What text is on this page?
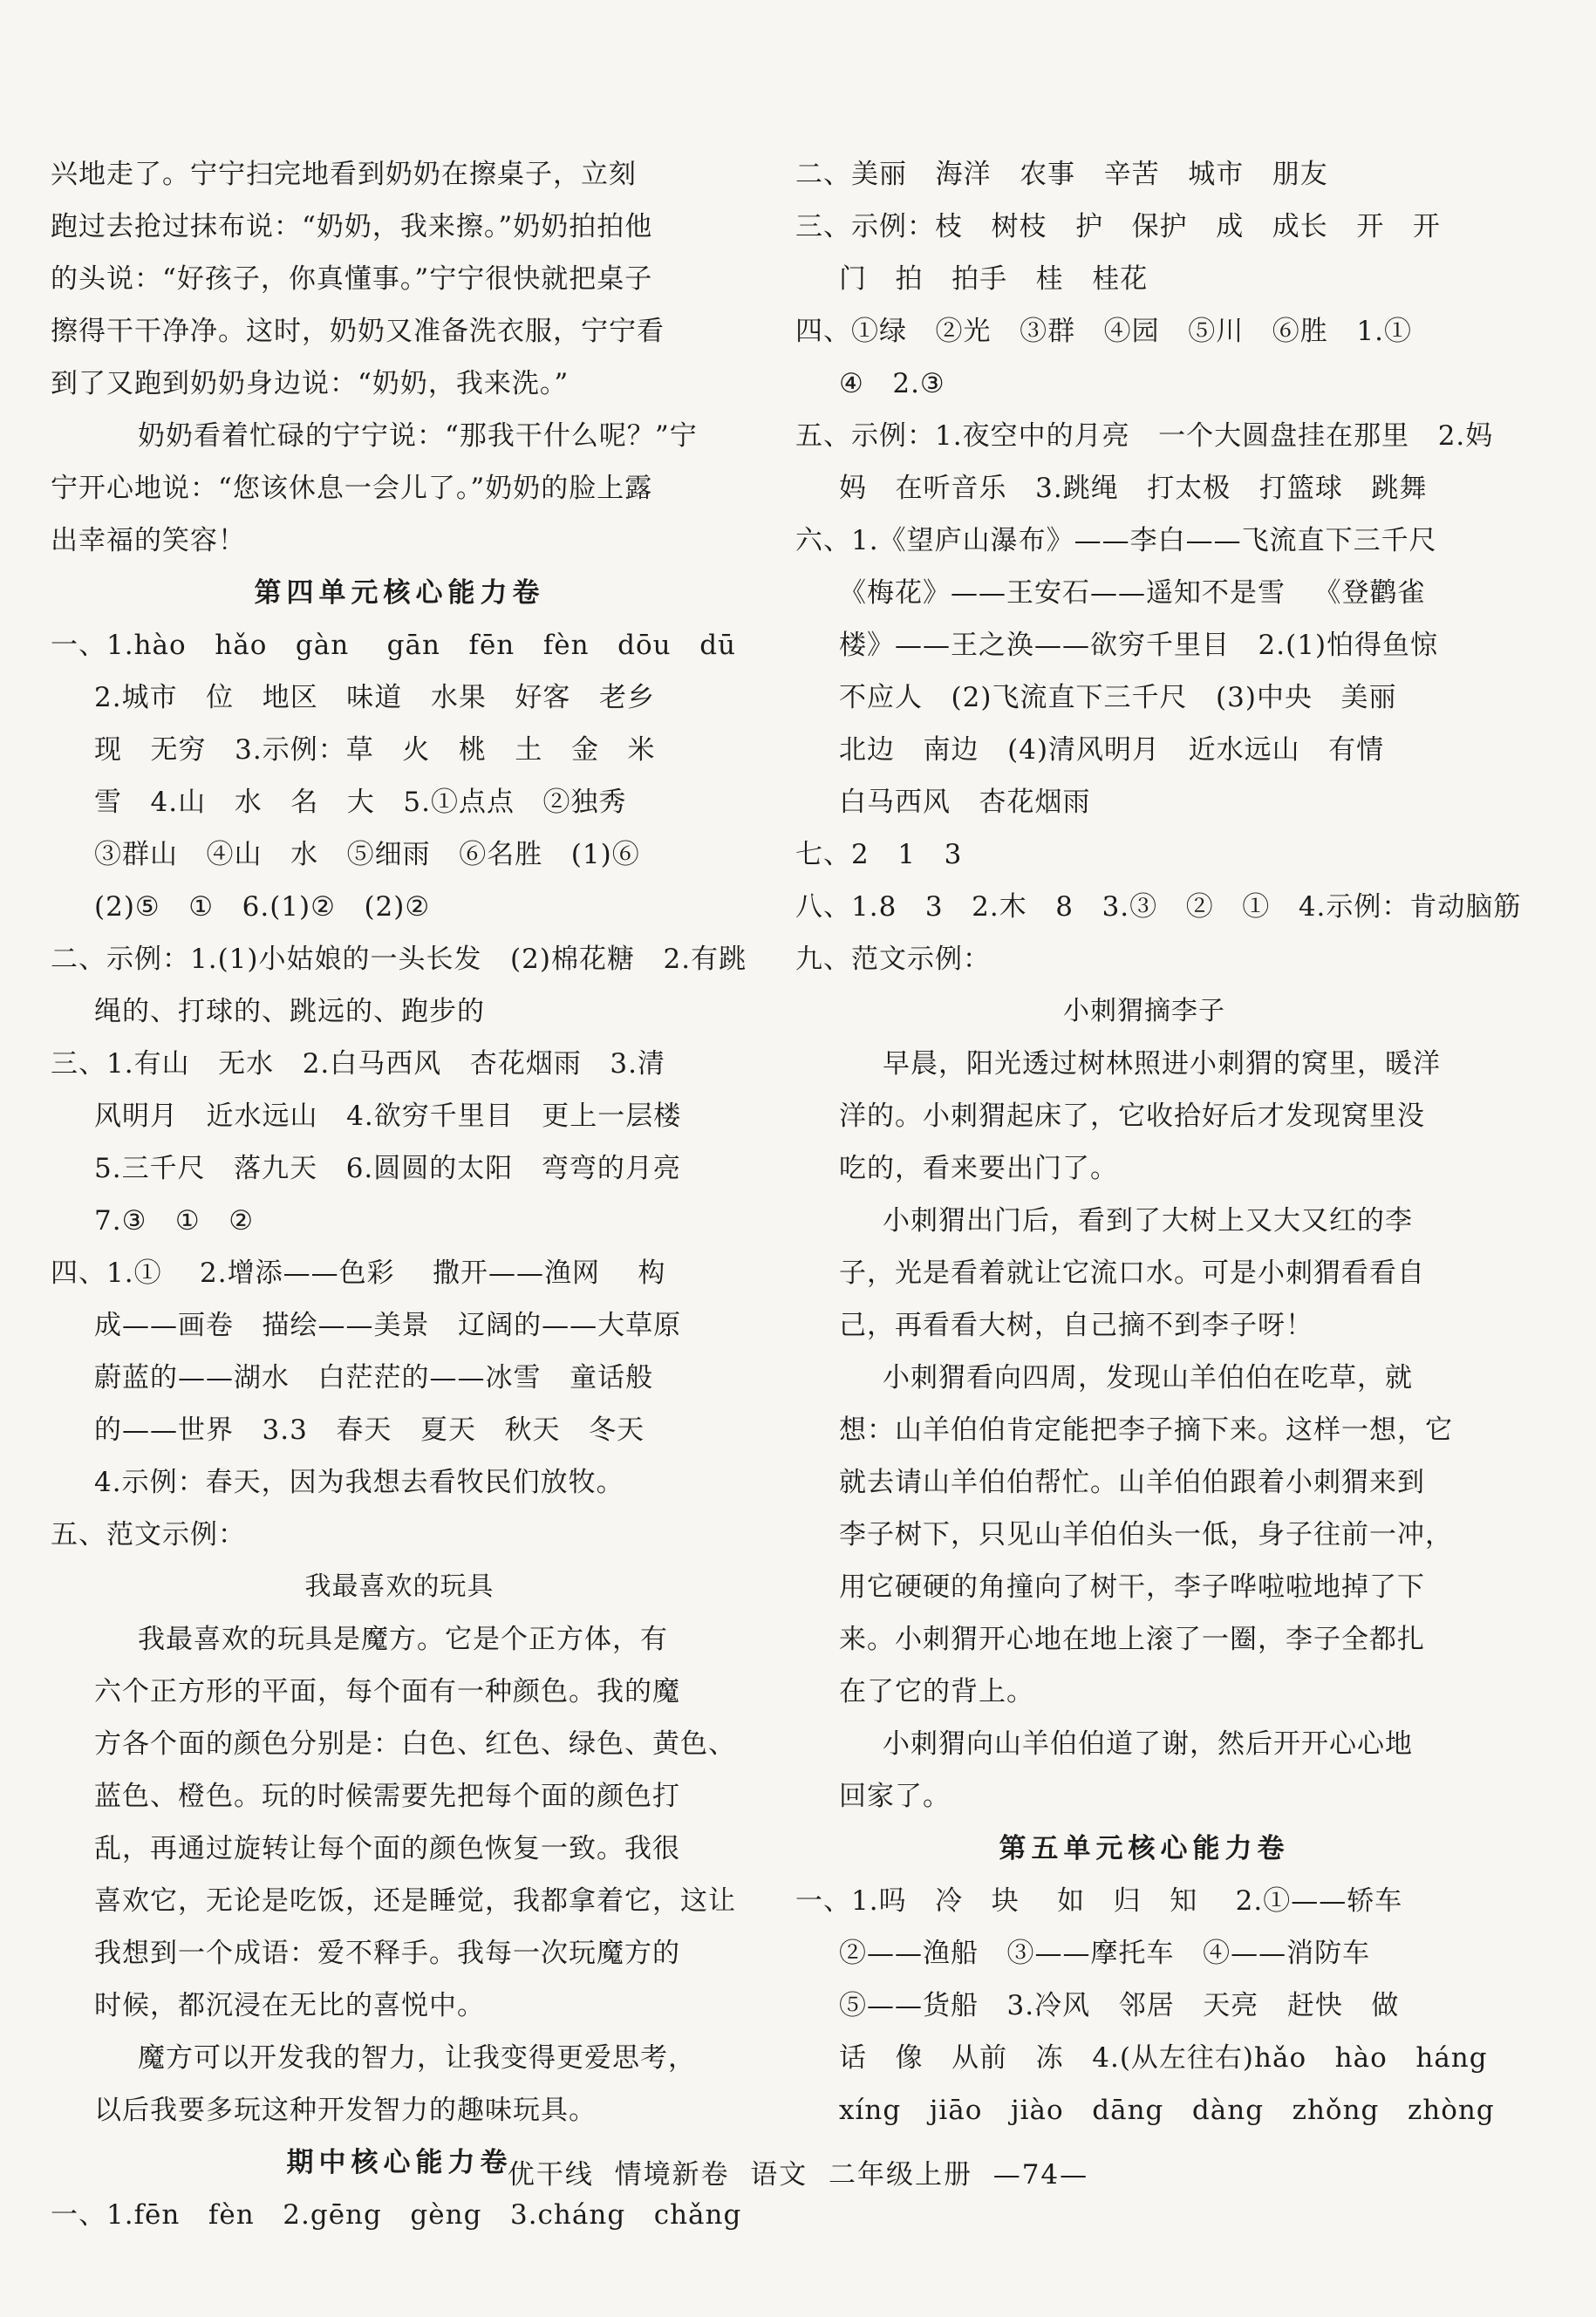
兴地走了。宁宁扫完地看到奶奶在擦桌子，立刻
跑过去抢过抹布说：“奶奶，我来擦。”奶奶拍拍他
的头说：“好孩子，你真懂事。”宁宁很快就把桌子
擦得干干净净。这时，奶奶又准备洗衣服，宁宁看
到了又跑到奶奶身边说：“奶奶，我来洗。”
奶奶看着忙碌的宁宁说：“那我干什么呢？”宁
宁开心地说：“您该休息一会儿了。”奶奶的脸上露
出幸福的笑容！
第四单元核心能力卷
一、1.hào   hǎo   gàn    gān   fēn   fèn   dōu   dū
2.城市   位   地区   味道   水果   好客   老乡
现   无穷   3.示例：草   火   桃   土   金   米
雪   4.山   水   名   大   5.①点点   ②独秀
③群山   ④山   水   ⑤细雨   ⑥名胜   (1)⑥
(2)⑤   ①   6.(1)②   (2)②
二、示例：1.(1)小姑娘的一头长发   (2)棉花糖   2.有跳
绳的、打球的、跳远的、跑步的
三、1.有山   无水   2.白马西风   杏花烟雨   3.清
风明月   近水远山   4.欲穷千里目   更上一层楼
5.三千尺   落九天   6.圆圆的太阳   弯弯的月亮
7.③   ①   ②
四、1.①    2.增添——色彩    撒开——渔网    构
成——画卷   描绘——美景   辽阔的——大草原
蔚蓝的——湖水   白茫茫的——冰雪   童话般
的——世界   3.3   春天   夏天   秋天   冬天
4.示例：春天，因为我想去看牧民们放牧。
五、范文示例：
我最喜欢的玩具
我最喜欢的玩具是魔方。它是个正方体，有
六个正方形的平面，每个面有一种颜色。我的魔
方各个面的颜色分别是：白色、红色、绿色、黄色、
蓝色、橙色。玩的时候需要先把每个面的颜色打
乱，再通过旋转让每个面的颜色恢复一致。我很
喜欢它，无论是吃饭，还是睡觉，我都拿着它，这让
我想到一个成语：爱不释手。我每一次玩魔方的
时候，都沉浸在无比的喜悦中。
魔方可以开发我的智力，让我变得更爱思考，
以后我要多玩这种开发智力的趣味玩具。
期中核心能力卷
一、1.fēn   fèn   2.gēng   gèng   3.cháng   chǎng
二、美丽   海洋   农事   辛苦   城市   朋友
三、示例：枝   树枝   护   保护   成   成长   开   开
门   拍   拍手   桂   桂花
四、①绿   ②光   ③群   ④园   ⑤川   ⑥胜   1.①
④   2.③
五、示例：1.夜空中的月亮   一个大圆盘挂在那里   2.妈
妈   在听音乐   3.跳绳   打太极   打篮球   跳舞
六、1.《望庐山瀑布》——李白——飞流直下三千尺
《梅花》——王安石——遥知不是雪   《登鹳雀
楼》——王之涣——欲穷千里目   2.(1)怕得鱼惊
不应人   (2)飞流直下三千尺   (3)中央   美丽
北边   南边   (4)清风明月   近水远山   有情
白马西风   杏花烟雨
七、2   1   3
八、1.8   3   2.木   8   3.③   ②   ①   4.示例：肯动脑筋
九、范文示例：
小刺猬摘李子
早晨，阳光透过树林照进小刺猬的窝里，暖洋
洋的。小刺猬起床了，它收拾好后才发现窝里没
吃的，看来要出门了。
小刺猬出门后，看到了大树上又大又红的李
子，光是看着就让它流口水。可是小刺猬看看自
己，再看看大树，自己摘不到李子呀！
小刺猬看向四周，发现山羊伯伯在吃草，就
想：山羊伯伯肯定能把李子摘下来。这样一想，它
就去请山羊伯伯帮忙。山羊伯伯跟着小刺猬来到
李子树下，只见山羊伯伯头一低，身子往前一冲，
用它硬硬的角撞向了树干，李子哗啦啦地掉了下
来。小刺猬开心地在地上滚了一圈，李子全都扎
在了它的背上。
小刺猬向山羊伯伯道了谢，然后开开心心地
回家了。
第五单元核心能力卷
一、1.吗   冷   块    如   归   知    2.①——轿车
②——渔船   ③——摩托车   ④——消防车
⑤——货船   3.冷风   邻居   天亮   赶快   做
话   像   从前   冻   4.(从左往右)hǎo   hào   háng
xíng   jiāo   jiào   dāng   dàng   zhǒng   zhòng
优干线  情境新卷  语文  二年级上册  —74—
